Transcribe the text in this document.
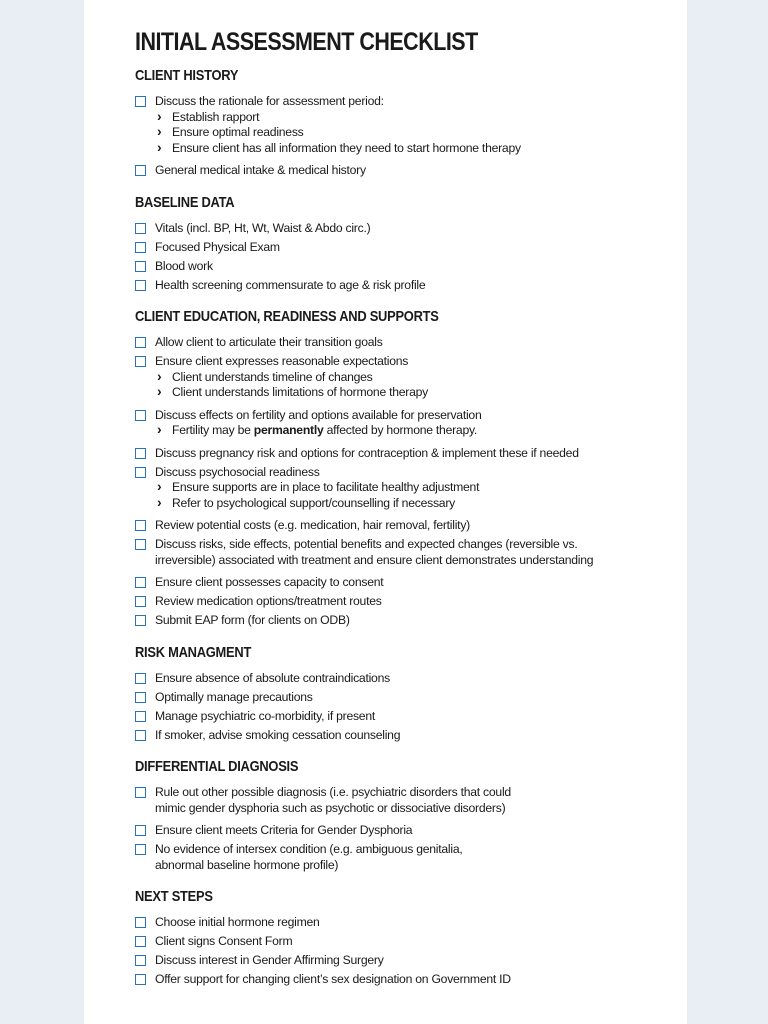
INITIAL ASSESSMENT CHECKLIST
CLIENT HISTORY
Discuss the rationale for assessment period:
› Establish rapport
› Ensure optimal readiness
› Ensure client has all information they need to start hormone therapy
General medical intake & medical history
BASELINE DATA
Vitals (incl. BP, Ht, Wt, Waist & Abdo circ.)
Focused Physical Exam
Blood work
Health screening commensurate to age & risk profile
CLIENT EDUCATION, READINESS AND SUPPORTS
Allow client to articulate their transition goals
Ensure client expresses reasonable expectations
› Client understands timeline of changes
› Client understands limitations of hormone therapy
Discuss effects on fertility and options available for preservation
› Fertility may be permanently affected by hormone therapy.
Discuss pregnancy risk and options for contraception & implement these if needed
Discuss psychosocial readiness
› Ensure supports are in place to facilitate healthy adjustment
› Refer to psychological support/counselling if necessary
Review potential costs (e.g. medication, hair removal, fertility)
Discuss risks, side effects, potential benefits and expected changes (reversible vs.
irreversible) associated with treatment and ensure client demonstrates understanding
Ensure client possesses capacity to consent
Review medication options/treatment routes
Submit EAP form (for clients on ODB)
RISK MANAGMENT
Ensure absence of absolute contraindications
Optimally manage precautions
Manage psychiatric co-morbidity, if present
If smoker, advise smoking cessation counseling
DIFFERENTIAL DIAGNOSIS
Rule out other possible diagnosis (i.e. psychiatric disorders that could
mimic gender dysphoria such as psychotic or dissociative disorders)
Ensure client meets Criteria for Gender Dysphoria
No evidence of intersex condition (e.g. ambiguous genitalia,
abnormal baseline hormone profile)
NEXT STEPS
Choose initial hormone regimen
Client signs Consent Form
Discuss interest in Gender Affirming Surgery
Offer support for changing client’s sex designation on Government ID
